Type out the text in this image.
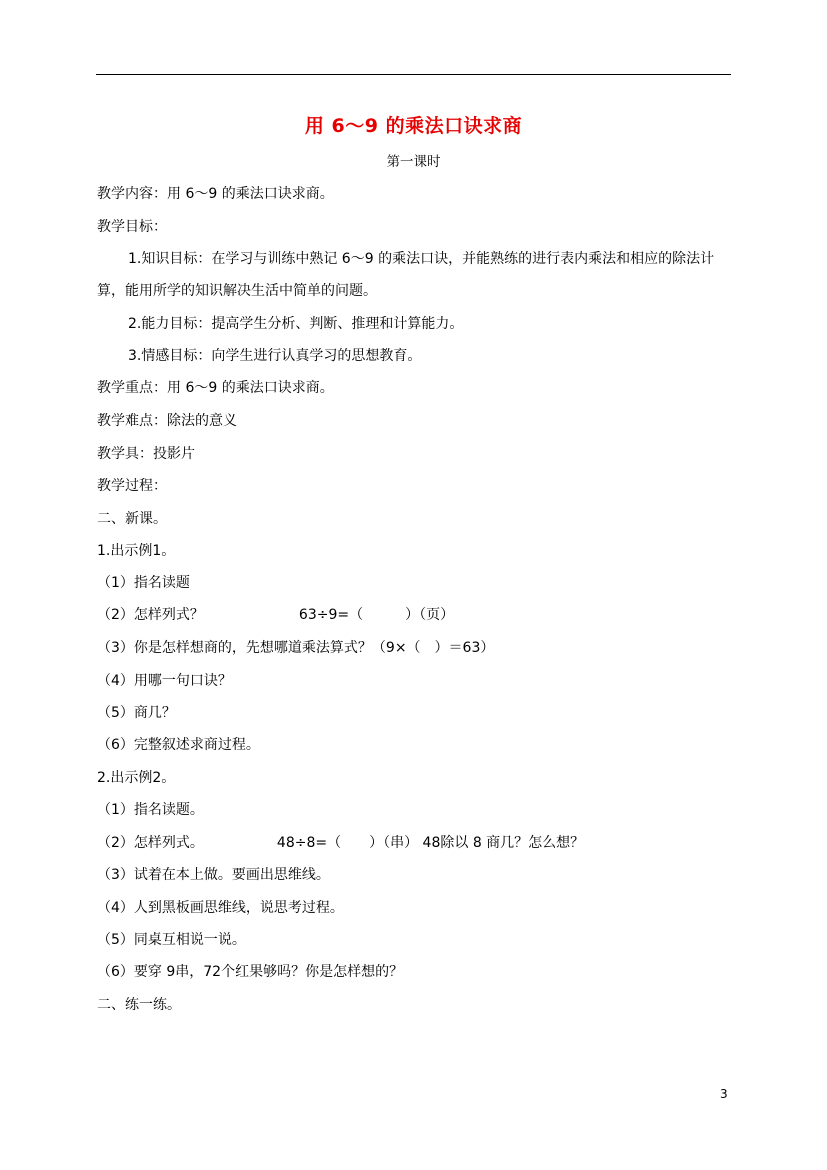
用 6～9 的乘法口诀求商
第一课时
教学内容：用 6～9 的乘法口诀求商。
教学目标：
1.知识目标：在学习与训练中熟记 6～9 的乘法口诀，并能熟练的进行表内乘法和相应的除法计
算，能用所学的知识解决生活中简单的问题。
2.能力目标：提高学生分析、判断、推理和计算能力。
3.情感目标：向学生进行认真学习的思想教育。
教学重点：用 6～9 的乘法口诀求商。
教学难点：除法的意义
教学具：投影片
教学过程：
二、新课。
1.出示例1。
（1）指名读题
（2）怎样列式？	63÷9=（　　　）（页）
（3）你是怎样想商的，先想哪道乘法算式？（9×（　）＝63）
（4）用哪一句口诀？
（5）商几？
（6）完整叙述求商过程。
2.出示例2。
（1）指名读题。
（2）怎样列式。	48÷8=（　　）（串） 48除以 8 商几？怎么想？
（3）试着在本上做。要画出思维线。
（4）人到黑板画思维线，说思考过程。
（5）同桌互相说一说。
（6）要穿 9串，72个红果够吗？你是怎样想的？
二、练一练。
3
